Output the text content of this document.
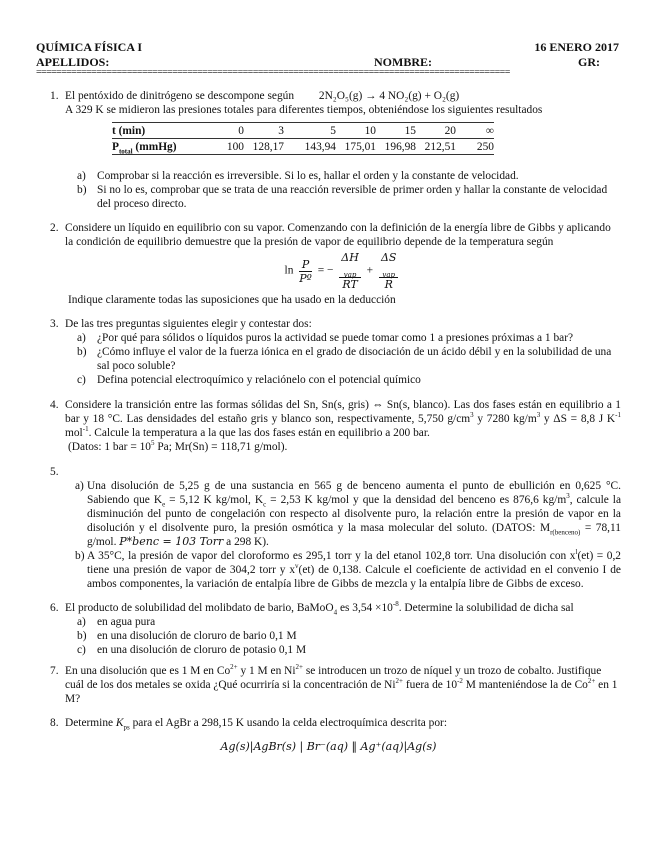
QUÍMICA FÍSICA I	16 ENERO 2017
APELLIDOS:	NOMBRE:	GR:
==============================================================================================
1. El pentóxido de dinitrógeno se descompone según 2N₂O₅(g) → 4 NO₂(g) + O₂(g)
A 329 K se midieron las presiones totales para diferentes tiempos, obteniéndose los siguientes resultados
t (min)	0	3	5	10	15	20	∞
$P_{total}$ (mmHg)	100	128,17	143,94	175,01	196,98	212,51	250
a) Comprobar si la reacción es irreversible. Si lo es, hallar el orden y la constante de velocidad.
b) Si no lo es, comprobar que se trata de una reacción reversible de primer orden y hallar la constante de velocidad del proceso directo.
2. Considere un líquido en equilibrio con su vapor. Comenzando con la definición de la energía libre de Gibbs y aplicando la condición de equilibrio demuestre que la presión de vapor de equilibrio depende de la temperatura según
$\ln \frac{P}{\text{Pº}}$ = − ΔH
$_{vap}$
RT + ΔS
$_{vap}$
R
Indique claramente todas las suposiciones que ha usado en la deducción
3. De las tres preguntas siguientes elegir y contestar dos:
a) ¿Por qué para sólidos o líquidos puros la actividad se puede tomar como 1 a presiones próximas a 1 bar?
b) ¿Cómo influye el valor de la fuerza iónica en el grado de disociación de un ácido débil y en la solubilidad de una sal poco soluble?
c) Defina potencial electroquímico y relaciónelo con el potencial químico
4. Considere la transición entre las formas sólidas del Sn, Sn(s, gris) ⇔ Sn(s, blanco). Las dos fases están en equilibrio a 1 bar y 18 °C. Las densidades del estaño gris y blanco son, respectivamente, 5,750 $g/cm^3$ y 7280 $kg/m^3$ y ΔS = 8,8 J $K^{-1}$ mol$^{-1}$. Calcule la temperatura a la que las dos fases están en equilibrio a 200 bar.
(Datos: 1 bar = $10^5$ Pa; Mr(Sn) = 118,71 g/mol).
5.
a) Una disolución de 5,25 g de una sustancia en 565 g de benceno aumenta el punto de ebullición en 0,625 °C. Sabiendo que $K_e = 5,12$ K kg/mol, $K_c = 2,53$ K kg/mol y que la densidad del benceno es 876,6 $kg/m^3$, calcule la disminución del punto de congelación con respecto al disolvente puro, la relación entre la presión de vapor en la disolución y el disolvente puro, la presión osmótica y la masa molecular del soluto. (DATOS: $M_{r(benceno)} = 78,11$ g/mol. P*benc = 103 Torr a 298 K).
b) A 35°C, la presión de vapor del cloroformo es 295,1 torr y la del etanol 102,8 torr. Una disolución con $x^l(et) = 0,2$ tiene una presión de vapor de 304,2 torr y $x^v(et)$ de 0,138. Calcule el coeficiente de actividad en el convenio I de ambos componentes, la variación de entalpía libre de Gibbs de mezcla y la entalpía libre de Gibbs de exceso.
6. El producto de solubilidad del molibdato de bario, BaMoO$_4$ es $3,54 \times 10^{-8}$. Determine la solubilidad de dicha sal
a) en agua pura
b) en una disolución de cloruro de bario 0,1 M
c) en una disolución de cloruro de potasio 0,1 M
7. En una disolución que es 1 M en $Co^{2+}$ y 1 M en $Ni^{2+}$ se introducen un trozo de níquel y un trozo de cobalto. Justifique cuál de los dos metales se oxida ¿Qué ocurriría si la concentración de $Ni^{2+}$ fuera de $10^{-2}$ M manteniéndose la de $Co^{2+}$ en 1 M?
8. Determine $K_{ps}$ para el AgBr a 298,15 K usando la celda electroquímica descrita por:
Ag(s)|AgBr(s) | Br⁻(aq) ‖ Ag⁺(aq)|Ag(s)
